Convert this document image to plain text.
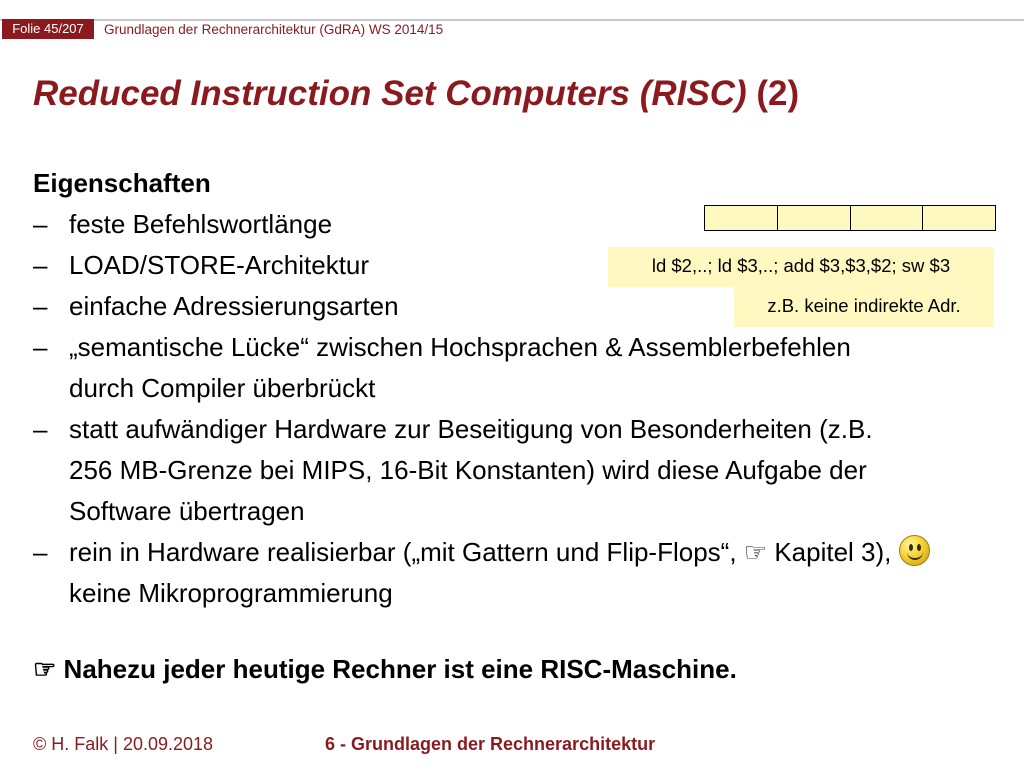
Folie 45/207	Grundlagen der Rechnerarchitektur (GdRA) WS 2014/15
Reduced Instruction Set Computers (RISC) (2)
Eigenschaften
– feste Befehlswortlänge
– LOAD/STORE-Architektur
– einfache Adressierungsarten
– „semantische Lücke“ zwischen Hochsprachen & Assemblerbefehlen
durch Compiler überbrückt
– statt aufwändiger Hardware zur Beseitigung von Besonderheiten (z.B.
256 MB-Grenze bei MIPS, 16-Bit Konstanten) wird diese Aufgabe der
Software übertragen
– rein in Hardware realisierbar („mit Gattern und Flip-Flops“, ☞ Kapitel 3),
keine Mikroprogrammierung
☞ Nahezu jeder heutige Rechner ist eine RISC-Maschine.
ld $2,..; ld $3,..; add $3,$3,$2; sw $3
z.B. keine indirekte Adr.
© H. Falk | 20.09.2018	6 - Grundlagen der Rechnerarchitektur
